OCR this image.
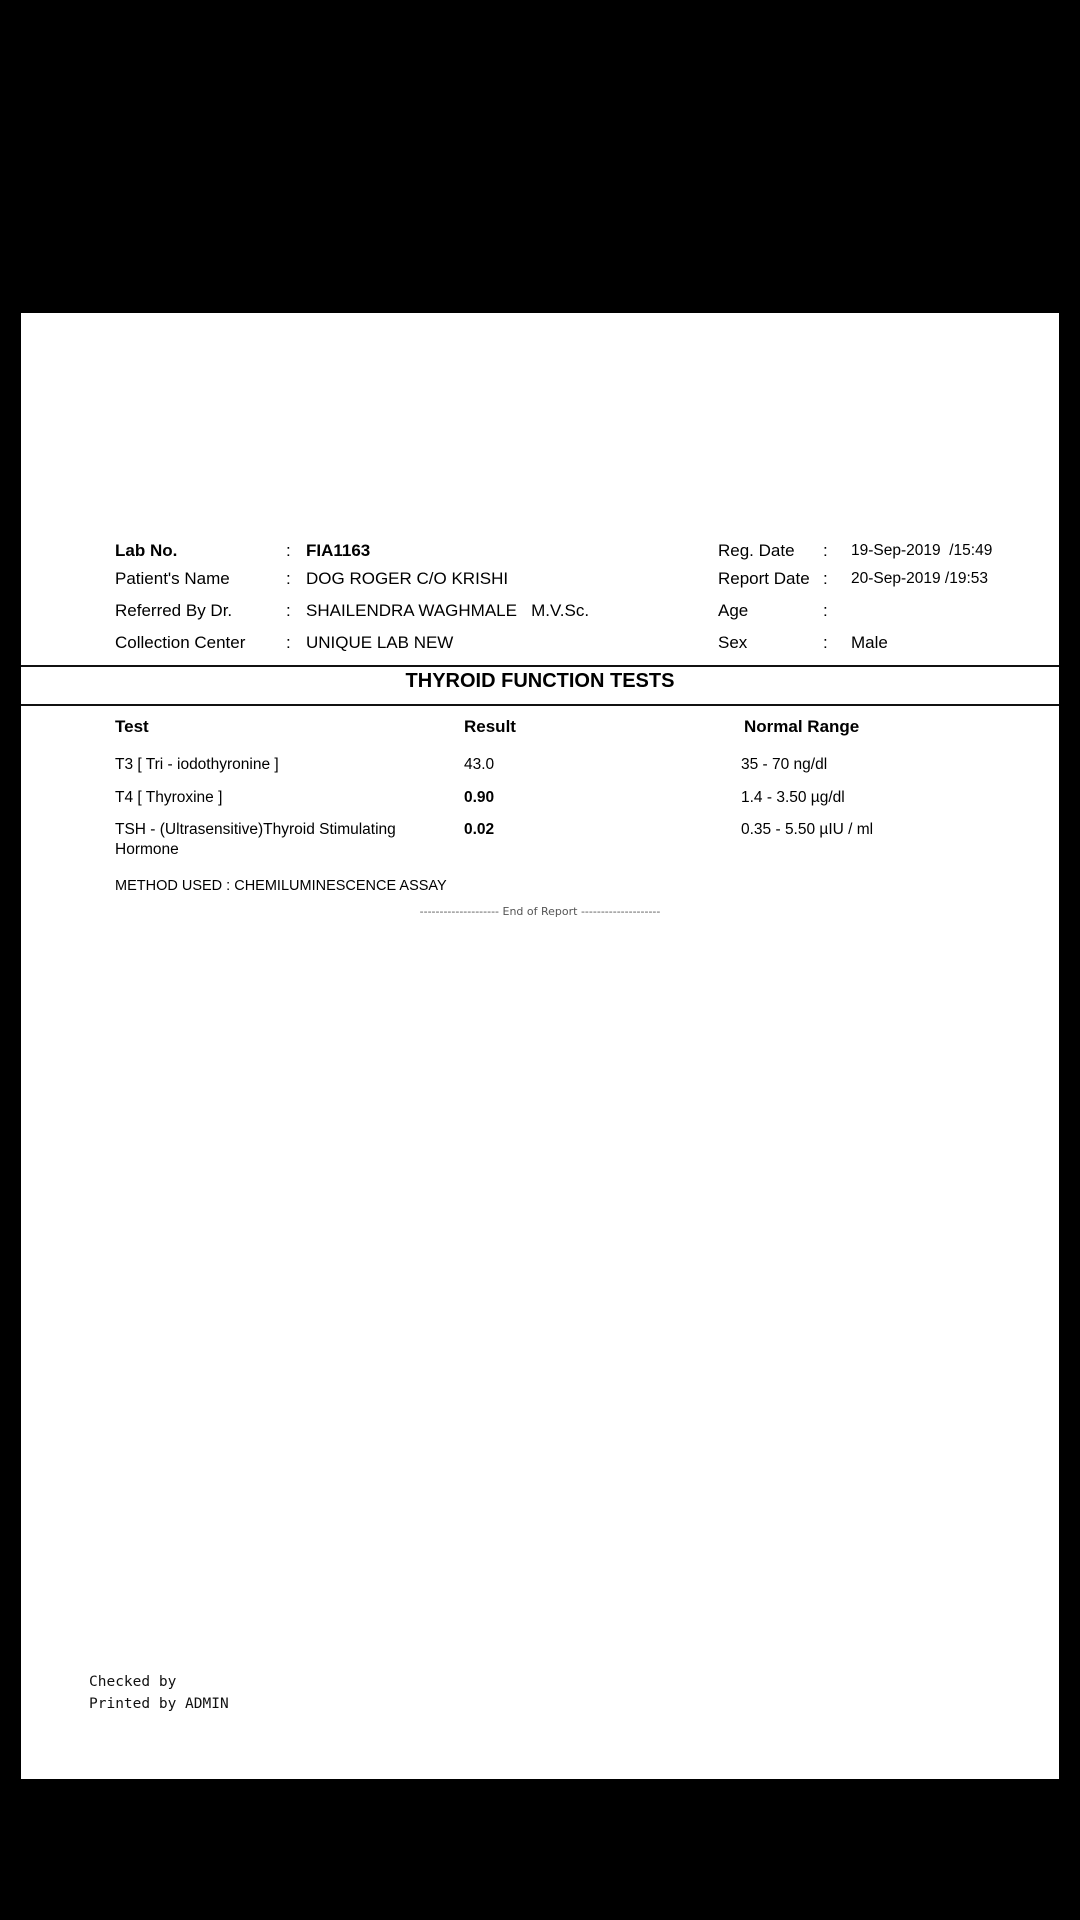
Lab No.	: FIA1163
Patient's Name	: DOG ROGER C/O KRISHI
Referred By Dr.	: SHAILENDRA WAGHMALE   M.V.Sc.
Collection Center : UNIQUE LAB NEW
Reg. Date : 19-Sep-2019  /15:49
Report Date : 20-Sep-2019 /19:53
Age	:
Sex	: Male
THYROID FUNCTION TESTS
Test	Result	Normal Range
T3 [ Tri - iodothyronine ]	43.0	35 - 70 ng/dl
T4 [ Thyroxine ]	0.90	1.4 - 3.50 µg/dl
TSH - (Ultrasensitive)Thyroid Stimulating
Hormone
0.02	0.35 - 5.50 µIU / ml
METHOD USED : CHEMILUMINESCENCE ASSAY
-------------------- End of Report --------------------
Checked by
Printed by ADMIN
